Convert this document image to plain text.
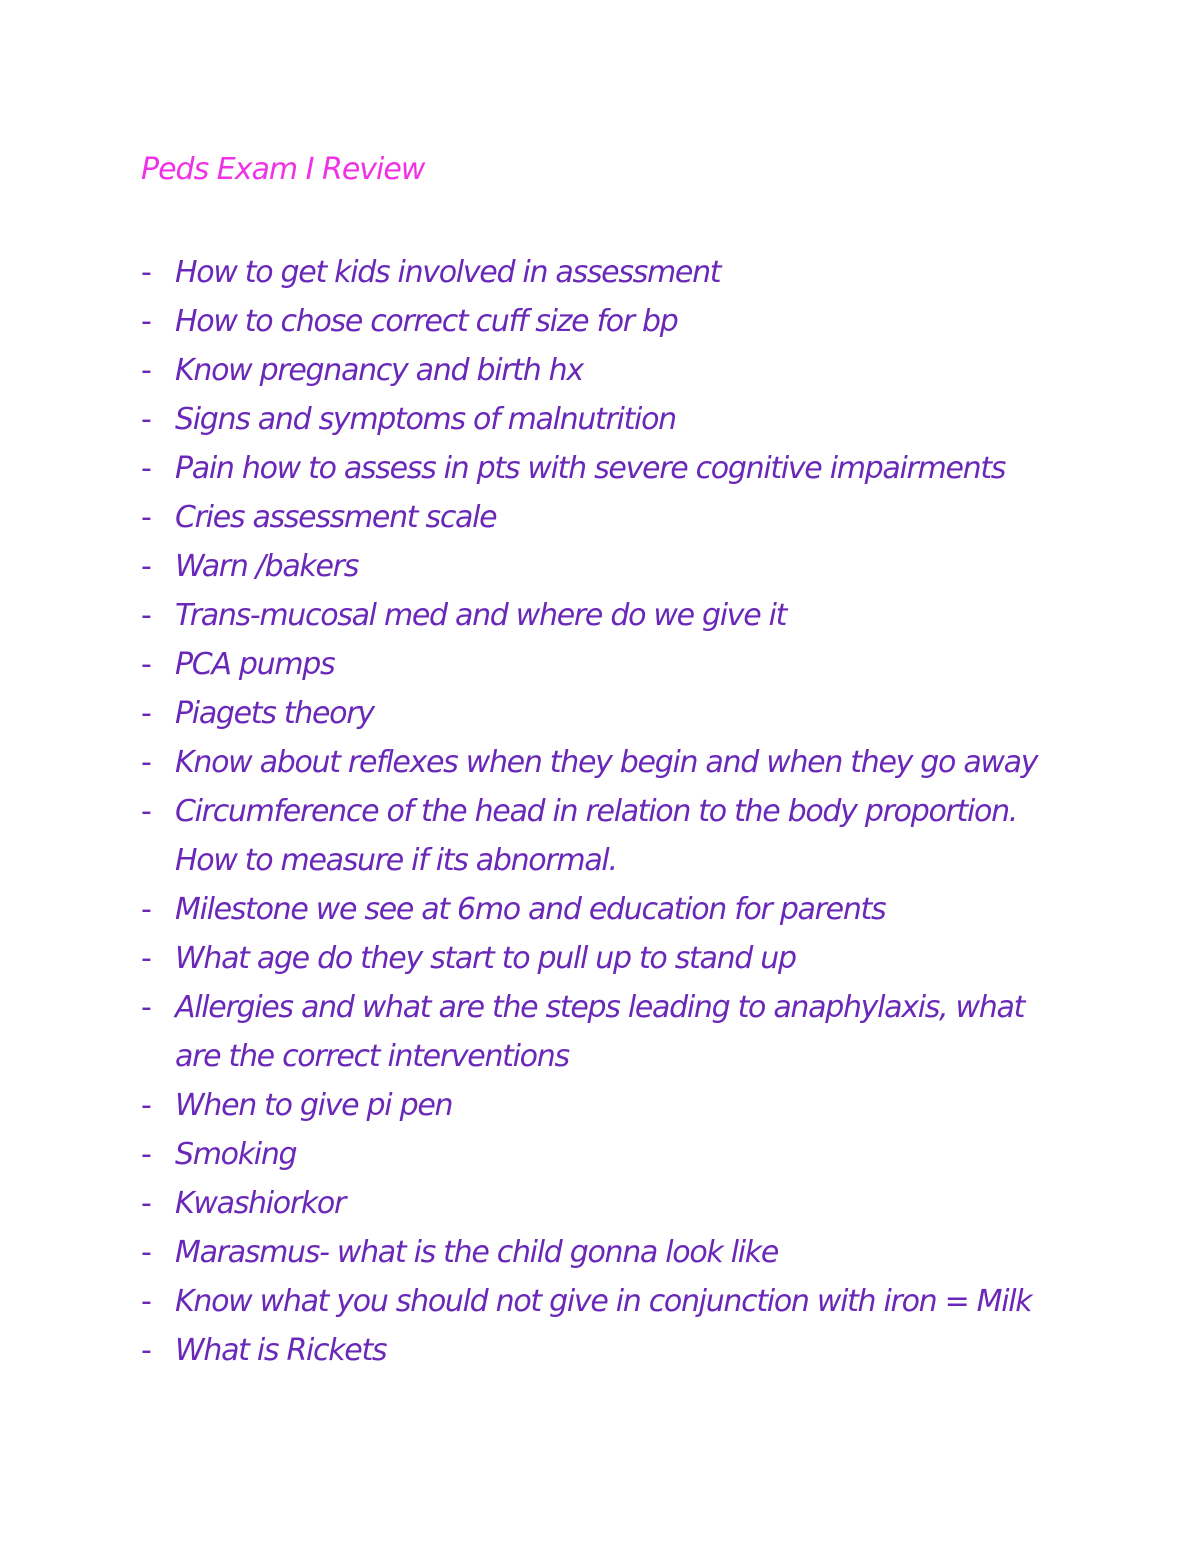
Peds Exam I Review
- How to get kids involved in assessment
- How to chose correct cuff size for bp
- Know pregnancy and birth hx
- Signs and symptoms of malnutrition
- Pain how to assess in pts with severe cognitive impairments
- Cries assessment scale
- Warn /bakers
- Trans-mucosal med and where do we give it
- PCA pumps
- Piagets theory
- Know about reflexes when they begin and when they go away
- Circumference of the head in relation to the body proportion. How to measure if its abnormal.
- Milestone we see at 6mo and education for parents
- What age do they start to pull up to stand up
- Allergies and what are the steps leading to anaphylaxis, what are the correct interventions
- When to give pi pen
- Smoking
- Kwashiorkor
- Marasmus- what is the child gonna look like
- Know what you should not give in conjunction with iron = Milk
- What is Rickets
